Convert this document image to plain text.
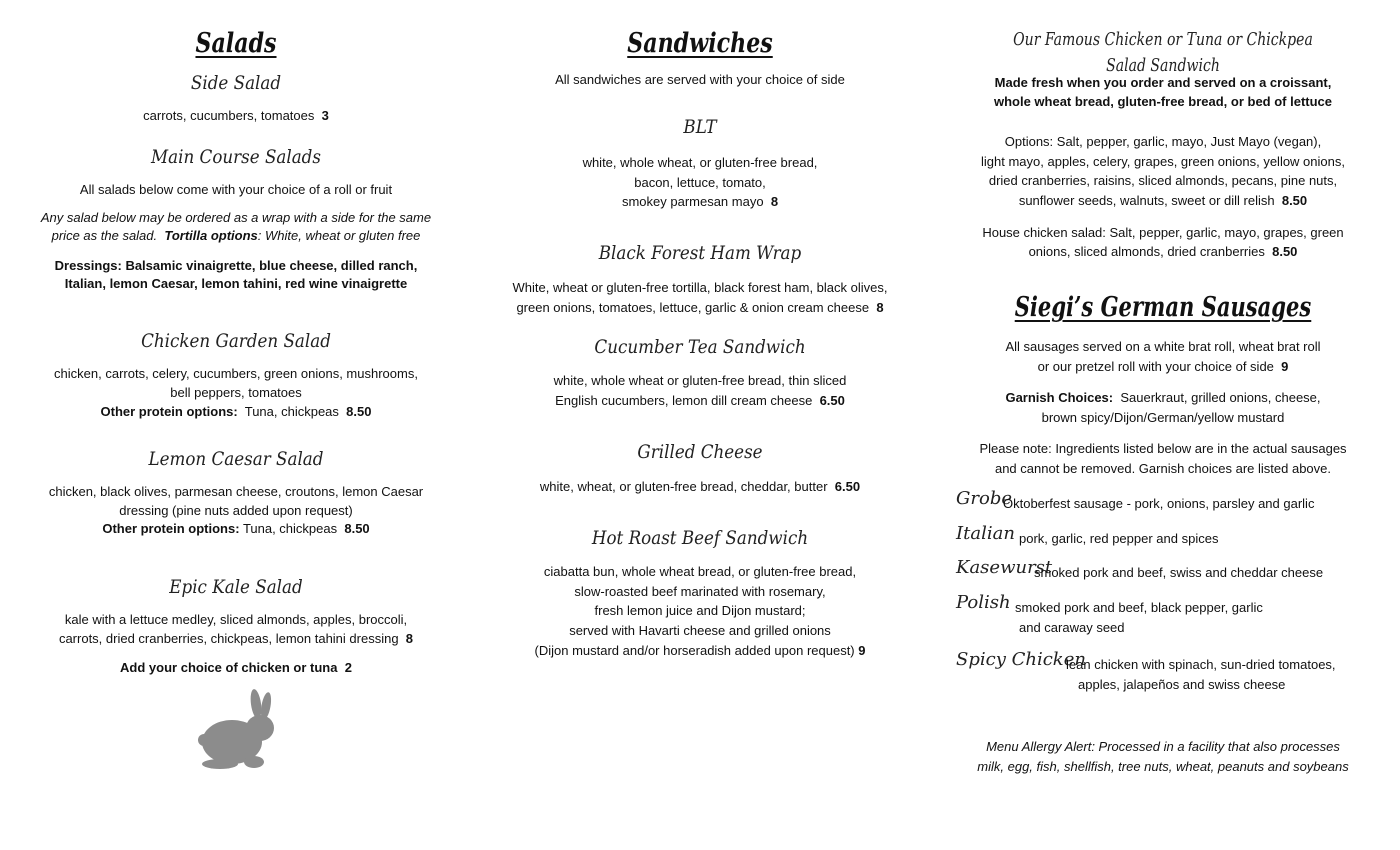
Salads
Side Salad
carrots, cucumbers, tomatoes 3
Main Course Salads
All salads below come with your choice of a roll or fruit
Any salad below may be ordered as a wrap with a side for the same
price as the salad. Tortilla options: White, wheat or gluten free
Dressings: Balsamic vinaigrette, blue cheese, dilled ranch,
Italian, lemon Caesar, lemon tahini, red wine vinaigrette
Chicken Garden Salad
chicken, carrots, celery, cucumbers, green onions, mushrooms,
bell peppers, tomatoes
Other protein options: Tuna, chickpeas 8.50
Lemon Caesar Salad
chicken, black olives, parmesan cheese, croutons, lemon Caesar
dressing (pine nuts added upon request)
Other protein options: Tuna, chickpeas 8.50
Epic Kale Salad
kale with a lettuce medley, sliced almonds, apples, broccoli,
carrots, dried cranberries, chickpeas, lemon tahini dressing 8
Add your choice of chicken or tuna 2
Sandwiches
All sandwiches are served with your choice of side
BLT
white, whole wheat, or gluten-free bread,
bacon, lettuce, tomato,
smokey parmesan mayo 8
Black Forest Ham Wrap
White, wheat or gluten-free tortilla, black forest ham, black olives,
green onions, tomatoes, lettuce, garlic & onion cream cheese 8
Cucumber Tea Sandwich
white, whole wheat or gluten-free bread, thin sliced
English cucumbers, lemon dill cream cheese 6.50
Grilled Cheese
white, wheat, or gluten-free bread, cheddar, butter 6.50
Hot Roast Beef Sandwich
ciabatta bun, whole wheat bread, or gluten-free bread,
slow-roasted beef marinated with rosemary,
fresh lemon juice and Dijon mustard;
served with Havarti cheese and grilled onions
(Dijon mustard and/or horseradish added upon request) 9
Our Famous Chicken or Tuna or Chickpea Salad Sandwich
Made fresh when you order and served on a croissant,
whole wheat bread, gluten-free bread, or bed of lettuce
Options: Salt, pepper, garlic, mayo, Just Mayo (vegan),
light mayo, apples, celery, grapes, green onions, yellow onions,
dried cranberries, raisins, sliced almonds, pecans, pine nuts,
sunflower seeds, walnuts, sweet or dill relish 8.50
House chicken salad: Salt, pepper, garlic, mayo, grapes, green
onions, sliced almonds, dried cranberries 8.50
Siegi’s German Sausages
All sausages served on a white brat roll, wheat brat roll
or our pretzel roll with your choice of side 9
Garnish Choices: Sauerkraut, grilled onions, cheese,
brown spicy/Dijon/German/yellow mustard
Please note: Ingredients listed below are in the actual sausages
and cannot be removed. Garnish choices are listed above.
Grobe
Oktoberfest sausage - pork, onions, parsley and garlic
Italian pork, garlic, red pepper and spices
Kasewurst
smoked pork and beef, swiss and cheddar cheese
Polish smoked pork and beef, black pepper, garlic
and caraway seed
Spicy Chicken
lean chicken with spinach, sun-dried tomatoes,
apples, jalapeños and swiss cheese
Menu Allergy Alert: Processed in a facility that also processes
milk, egg, fish, shellfish, tree nuts, wheat, peanuts and soybeans
